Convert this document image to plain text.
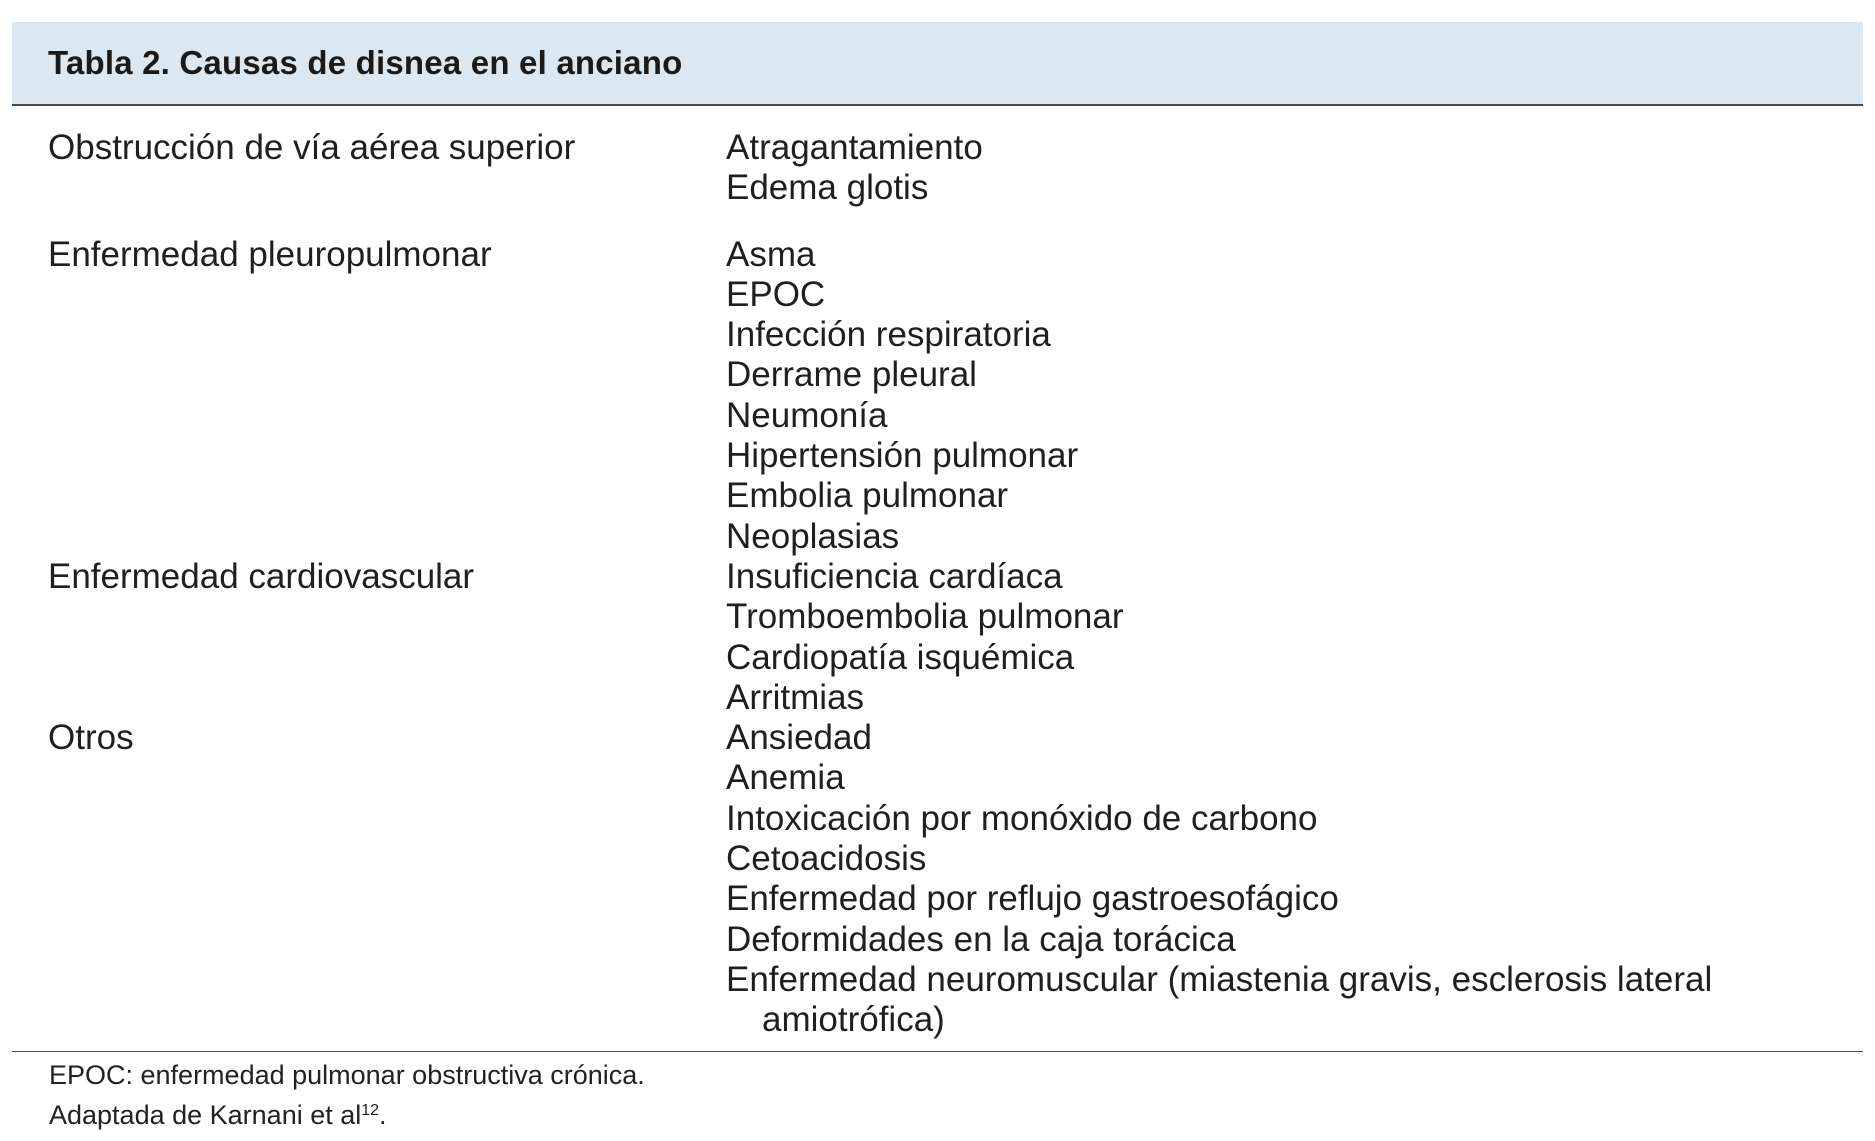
Tabla 2. Causas de disnea en el anciano
Obstrucción de vía aérea superior	Atragantamiento
Edema glotis
Enfermedad pleuropulmonar	Asma
EPOC
Infección respiratoria
Derrame pleural
Neumonía
Hipertensión pulmonar
Embolia pulmonar
Neoplasias
Enfermedad cardiovascular	Insuficiencia cardíaca
Tromboembolia pulmonar
Cardiopatía isquémica
Arritmias
Otros	Ansiedad
Anemia
Intoxicación por monóxido de carbono
Cetoacidosis
Enfermedad por reflujo gastroesofágico
Deformidades en la caja torácica
Enfermedad neuromuscular (miastenia gravis, esclerosis lateral amiotrófica)
EPOC: enfermedad pulmonar obstructiva crónica.
Adaptada de Karnani et $al^{12}$.
